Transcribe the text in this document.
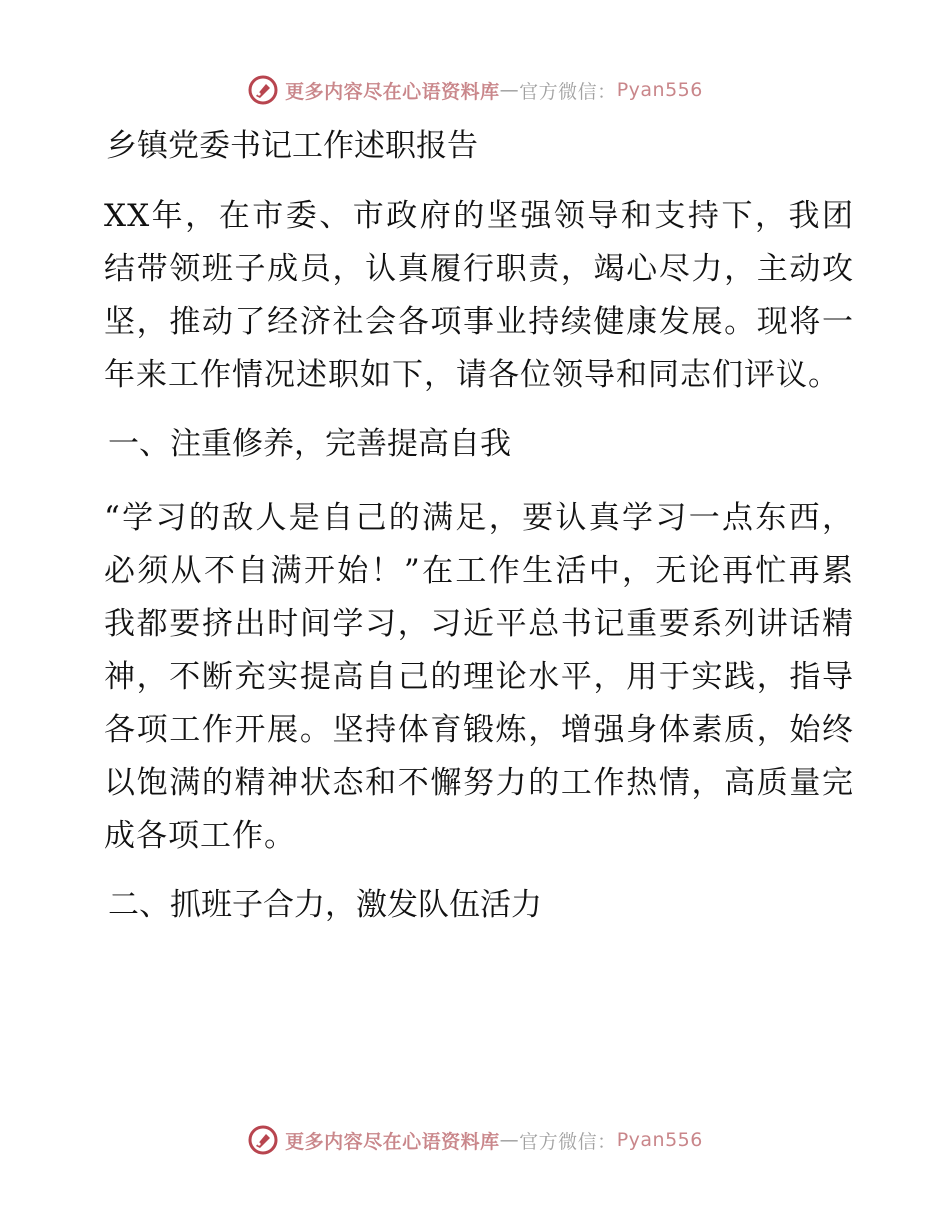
更多内容尽在心语资料库 — 官方微信： Pyan556
乡镇党委书记工作述职报告

XX年，在市委、市政府的坚强领导和支持下，我团结带领班子成员，认真履行职责，竭心尽力，主动攻坚，推动了经济社会各项事业持续健康发展。现将一年来工作情况述职如下，请各位领导和同志们评议。

一、注重修养，完善提高自我

“学习的敌人是自己的满足，要认真学习一点东西，必须从不自满开始！”在工作生活中，无论再忙再累我都要挤出时间学习，习近平总书记重要系列讲话精神，不断充实提高自己的理论水平，用于实践，指导各项工作开展。坚持体育锻炼，增强身体素质，始终以饱满的精神状态和不懈努力的工作热情，高质量完成各项工作。

二、抓班子合力，激发队伍活力
更多内容尽在心语资料库 — 官方微信： Pyan556
